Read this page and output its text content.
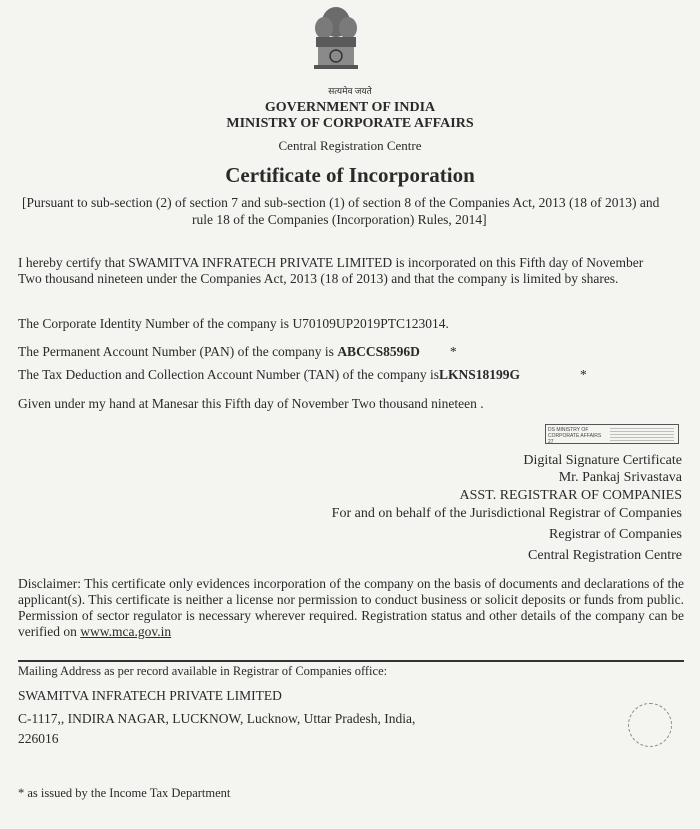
सत्यमेव जयते
GOVERNMENT OF INDIA
MINISTRY OF CORPORATE AFFAIRS
Central Registration Centre
Certificate of Incorporation
[Pursuant to sub-section (2) of section 7 and sub-section (1) of section 8 of the Companies Act, 2013 (18 of 2013) and
rule 18 of the Companies (Incorporation) Rules, 2014]
I hereby certify that SWAMITVA INFRATECH PRIVATE LIMITED is incorporated on this Fifth day of November
Two thousand nineteen under the Companies Act, 2013 (18 of 2013) and that the company is limited by shares.
The Corporate Identity Number of the company is U70109UP2019PTC123014.
The Permanent Account Number (PAN) of the company is ABCCS8596D *
The Tax Deduction and Collection Account Number (TAN) of the company isLKNS18199G	*
Given under my hand at Manesar this Fifth day of November Two thousand nineteen .
DS MINISTRY OF CORPORATE AFFAIRS 27
Digital Signature Certificate
Mr. Pankaj Srivastava
ASST. REGISTRAR OF COMPANIES
For and on behalf of the Jurisdictional Registrar of Companies
Registrar of Companies
Central Registration Centre
Disclaimer: This certificate only evidences incorporation of the company on the basis of documents and declarations of the applicant(s). This certificate is neither a license nor permission to conduct business or solicit deposits or funds from public. Permission of sector regulator is necessary wherever required. Registration status and other details of the company can be verified on www.mca.gov.in
Mailing Address as per record available in Registrar of Companies office:
SWAMITVA INFRATECH PRIVATE LIMITED
C-1117,, INDIRA NAGAR, LUCKNOW, Lucknow, Uttar Pradesh, India,
226016
* as issued by the Income Tax Department
